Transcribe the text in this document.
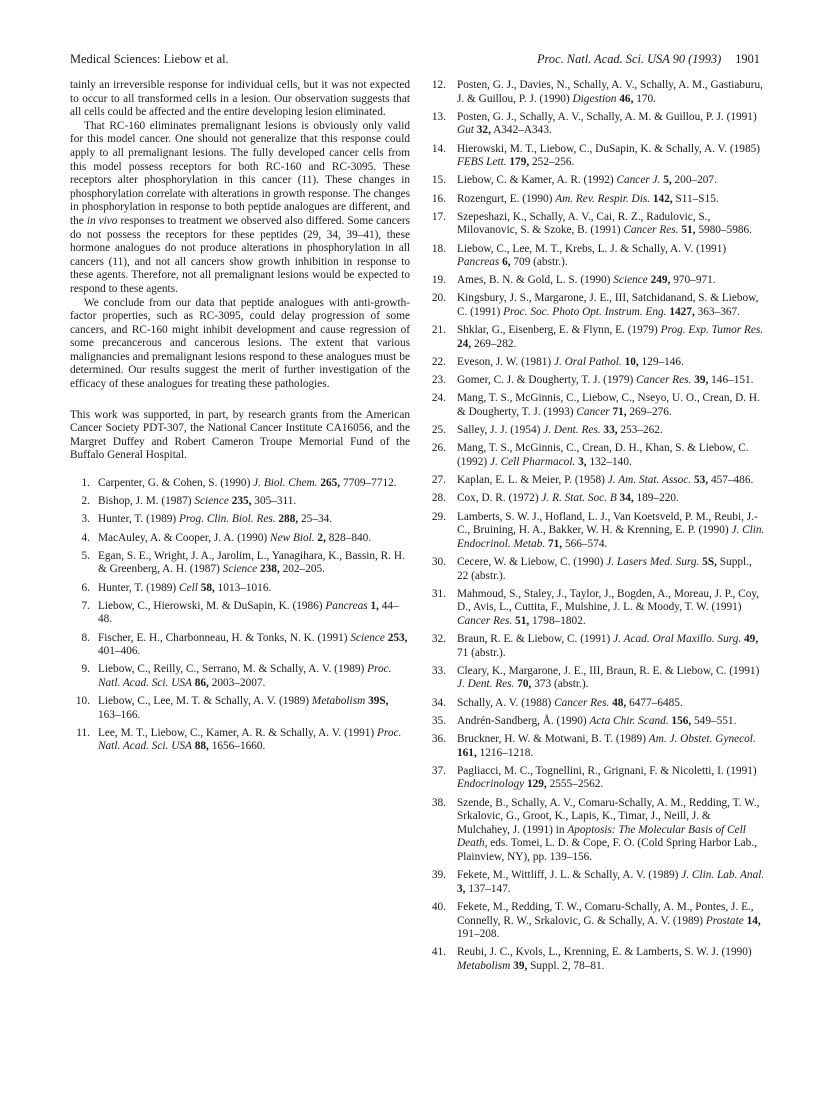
Medical Sciences: Liebow et al.	Proc. Natl. Acad. Sci. USA 90 (1993) 1901

tainly an irreversible response for individual cells, but it was not expected to occur to all transformed cells in a lesion. Our observation suggests that all cells could be affected and the entire developing lesion eliminated.

That RC-160 eliminates premalignant lesions is obviously only valid for this model cancer. One should not generalize that this response could apply to all premalignant lesions. The fully developed cancer cells from this model possess receptors for both RC-160 and RC-3095. These receptors alter phosphorylation in this cancer (11). These changes in phosphorylation correlate with alterations in growth response. The changes in phosphorylation in response to both peptide analogues are different, and the in vivo responses to treatment we observed also differed. Some cancers do not possess the receptors for these peptides (29, 34, 39–41), these hormone analogues do not produce alterations in phosphorylation in all cancers (11), and not all cancers show growth inhibition in response to these agents. Therefore, not all premalignant lesions would be expected to respond to these agents.

We conclude from our data that peptide analogues with anti-growth-factor properties, such as RC-3095, could delay progression of some cancers, and RC-160 might inhibit development and cause regression of some precancerous and cancerous lesions. The extent that various malignancies and premalignant lesions respond to these analogues must be determined. Our results suggest the merit of further investigation of the efficacy of these analogues for treating these pathologies.

This work was supported, in part, by research grants from the American Cancer Society PDT-307, the National Cancer Institute CA16056, and the Margret Duffey and Robert Cameron Troupe Memorial Fund of the Buffalo General Hospital.

1. Carpenter, G. & Cohen, S. (1990) J. Biol. Chem. 265, 7709–7712.

2. Bishop, J. M. (1987) Science 235, 305–311.

3. Hunter, T. (1989) Prog. Clin. Biol. Res. 288, 25–34.

4. MacAuley, A. & Cooper, J. A. (1990) New Biol. 2, 828–840.

5. Egan, S. E., Wright, J. A., Jarolim, L., Yanagihara, K., Bassin, R. H. & Greenberg, A. H. (1987) Science 238, 202–205.

6. Hunter, T. (1989) Cell 58, 1013–1016.

7. Liebow, C., Hierowski, M. & DuSapin, K. (1986) Pancreas 1, 44–48.

8. Fischer, E. H., Charbonneau, H. & Tonks, N. K. (1991) Science 253, 401–406.

9. Liebow, C., Reilly, C., Serrano, M. & Schally, A. V. (1989) Proc. Natl. Acad. Sci. USA 86, 2003–2007.

10. Liebow, C., Lee, M. T. & Schally, A. V. (1989) Metabolism 39S, 163–166.

11. Lee, M. T., Liebow, C., Kamer, A. R. & Schally, A. V. (1991) Proc. Natl. Acad. Sci. USA 88, 1656–1660.

12. Posten, G. J., Davies, N., Schally, A. V., Schally, A. M., Gastiaburu, J. & Guillou, P. J. (1990) Digestion 46, 170.

13. Posten, G. J., Schally, A. V., Schally, A. M. & Guillou, P. J. (1991) Gut 32, A342–A343.

14. Hierowski, M. T., Liebow, C., DuSapin, K. & Schally, A. V. (1985) FEBS Lett. 179, 252–256.

15. Liebow, C. & Kamer, A. R. (1992) Cancer J. 5, 200–207.

16. Rozengurt, E. (1990) Am. Rev. Respir. Dis. 142, S11–S15.

17. Szepeshazi, K., Schally, A. V., Cai, R. Z., Radulovic, S., Milovanovic, S. & Szoke, B. (1991) Cancer Res. 51, 5980–5986.

18. Liebow, C., Lee, M. T., Krebs, L. J. & Schally, A. V. (1991) Pancreas 6, 709 (abstr.).

19. Ames, B. N. & Gold, L. S. (1990) Science 249, 970–971.

20. Kingsbury, J. S., Margarone, J. E., III, Satchidanand, S. & Liebow, C. (1991) Proc. Soc. Photo Opt. Instrum. Eng. 1427, 363–367.

21. Shklar, G., Eisenberg, E. & Flynn, E. (1979) Prog. Exp. Tumor Res. 24, 269–282.

22. Eveson, J. W. (1981) J. Oral Pathol. 10, 129–146.

23. Gomer, C. J. & Dougherty, T. J. (1979) Cancer Res. 39, 146–151.

24. Mang, T. S., McGinnis, C., Liebow, C., Nseyo, U. O., Crean, D. H. & Dougherty, T. J. (1993) Cancer 71, 269–276.

25. Salley, J. J. (1954) J. Dent. Res. 33, 253–262.

26. Mang, T. S., McGinnis, C., Crean, D. H., Khan, S. & Liebow, C. (1992) J. Cell Pharmacol. 3, 132–140.

27. Kaplan, E. L. & Meier, P. (1958) J. Am. Stat. Assoc. 53, 457–486.

28. Cox, D. R. (1972) J. R. Stat. Soc. B 34, 189–220.

29. Lamberts, S. W. J., Hofland, L. J., Van Koetsveld, P. M., Reubi, J.-C., Bruining, H. A., Bakker, W. H. & Krenning, E. P. (1990) J. Clin. Endocrinol. Metab. 71, 566–574.

30. Cecere, W. & Liebow, C. (1990) J. Lasers Med. Surg. 5S, Suppl., 22 (abstr.).

31. Mahmoud, S., Staley, J., Taylor, J., Bogden, A., Moreau, J. P., Coy, D., Avis, L., Cuttita, F., Mulshine, J. L. & Moody, T. W. (1991) Cancer Res. 51, 1798–1802.

32. Braun, R. E. & Liebow, C. (1991) J. Acad. Oral Maxillo. Surg. 49, 71 (abstr.).

33. Cleary, K., Margarone, J. E., III, Braun, R. E. & Liebow, C. (1991) J. Dent. Res. 70, 373 (abstr.).

34. Schally, A. V. (1988) Cancer Res. 48, 6477–6485.

35. Andrén-Sandberg, Å. (1990) Acta Chir. Scand. 156, 549–551.

36. Bruckner, H. W. & Motwani, B. T. (1989) Am. J. Obstet. Gynecol. 161, 1216–1218.

37. Pagliacci, M. C., Tognellini, R., Grignani, F. & Nicoletti, I. (1991) Endocrinology 129, 2555–2562.

38. Szende, B., Schally, A. V., Comaru-Schally, A. M., Redding, T. W., Srkalovic, G., Groot, K., Lapis, K., Timar, J., Neill, J. & Mulchahey, J. (1991) in Apoptosis: The Molecular Basis of Cell Death, eds. Tomei, L. D. & Cope, F. O. (Cold Spring Harbor Lab., Plainview, NY), pp. 139–156.

39. Fekete, M., Wittliff, J. L. & Schally, A. V. (1989) J. Clin. Lab. Anal. 3, 137–147.

40. Fekete, M., Redding, T. W., Comaru-Schally, A. M., Pontes, J. E., Connelly, R. W., Srkalovic, G. & Schally, A. V. (1989) Prostate 14, 191–208.

41. Reubi, J. C., Kvols, L., Krenning, E. & Lamberts, S. W. J. (1990) Metabolism 39, Suppl. 2, 78–81.
